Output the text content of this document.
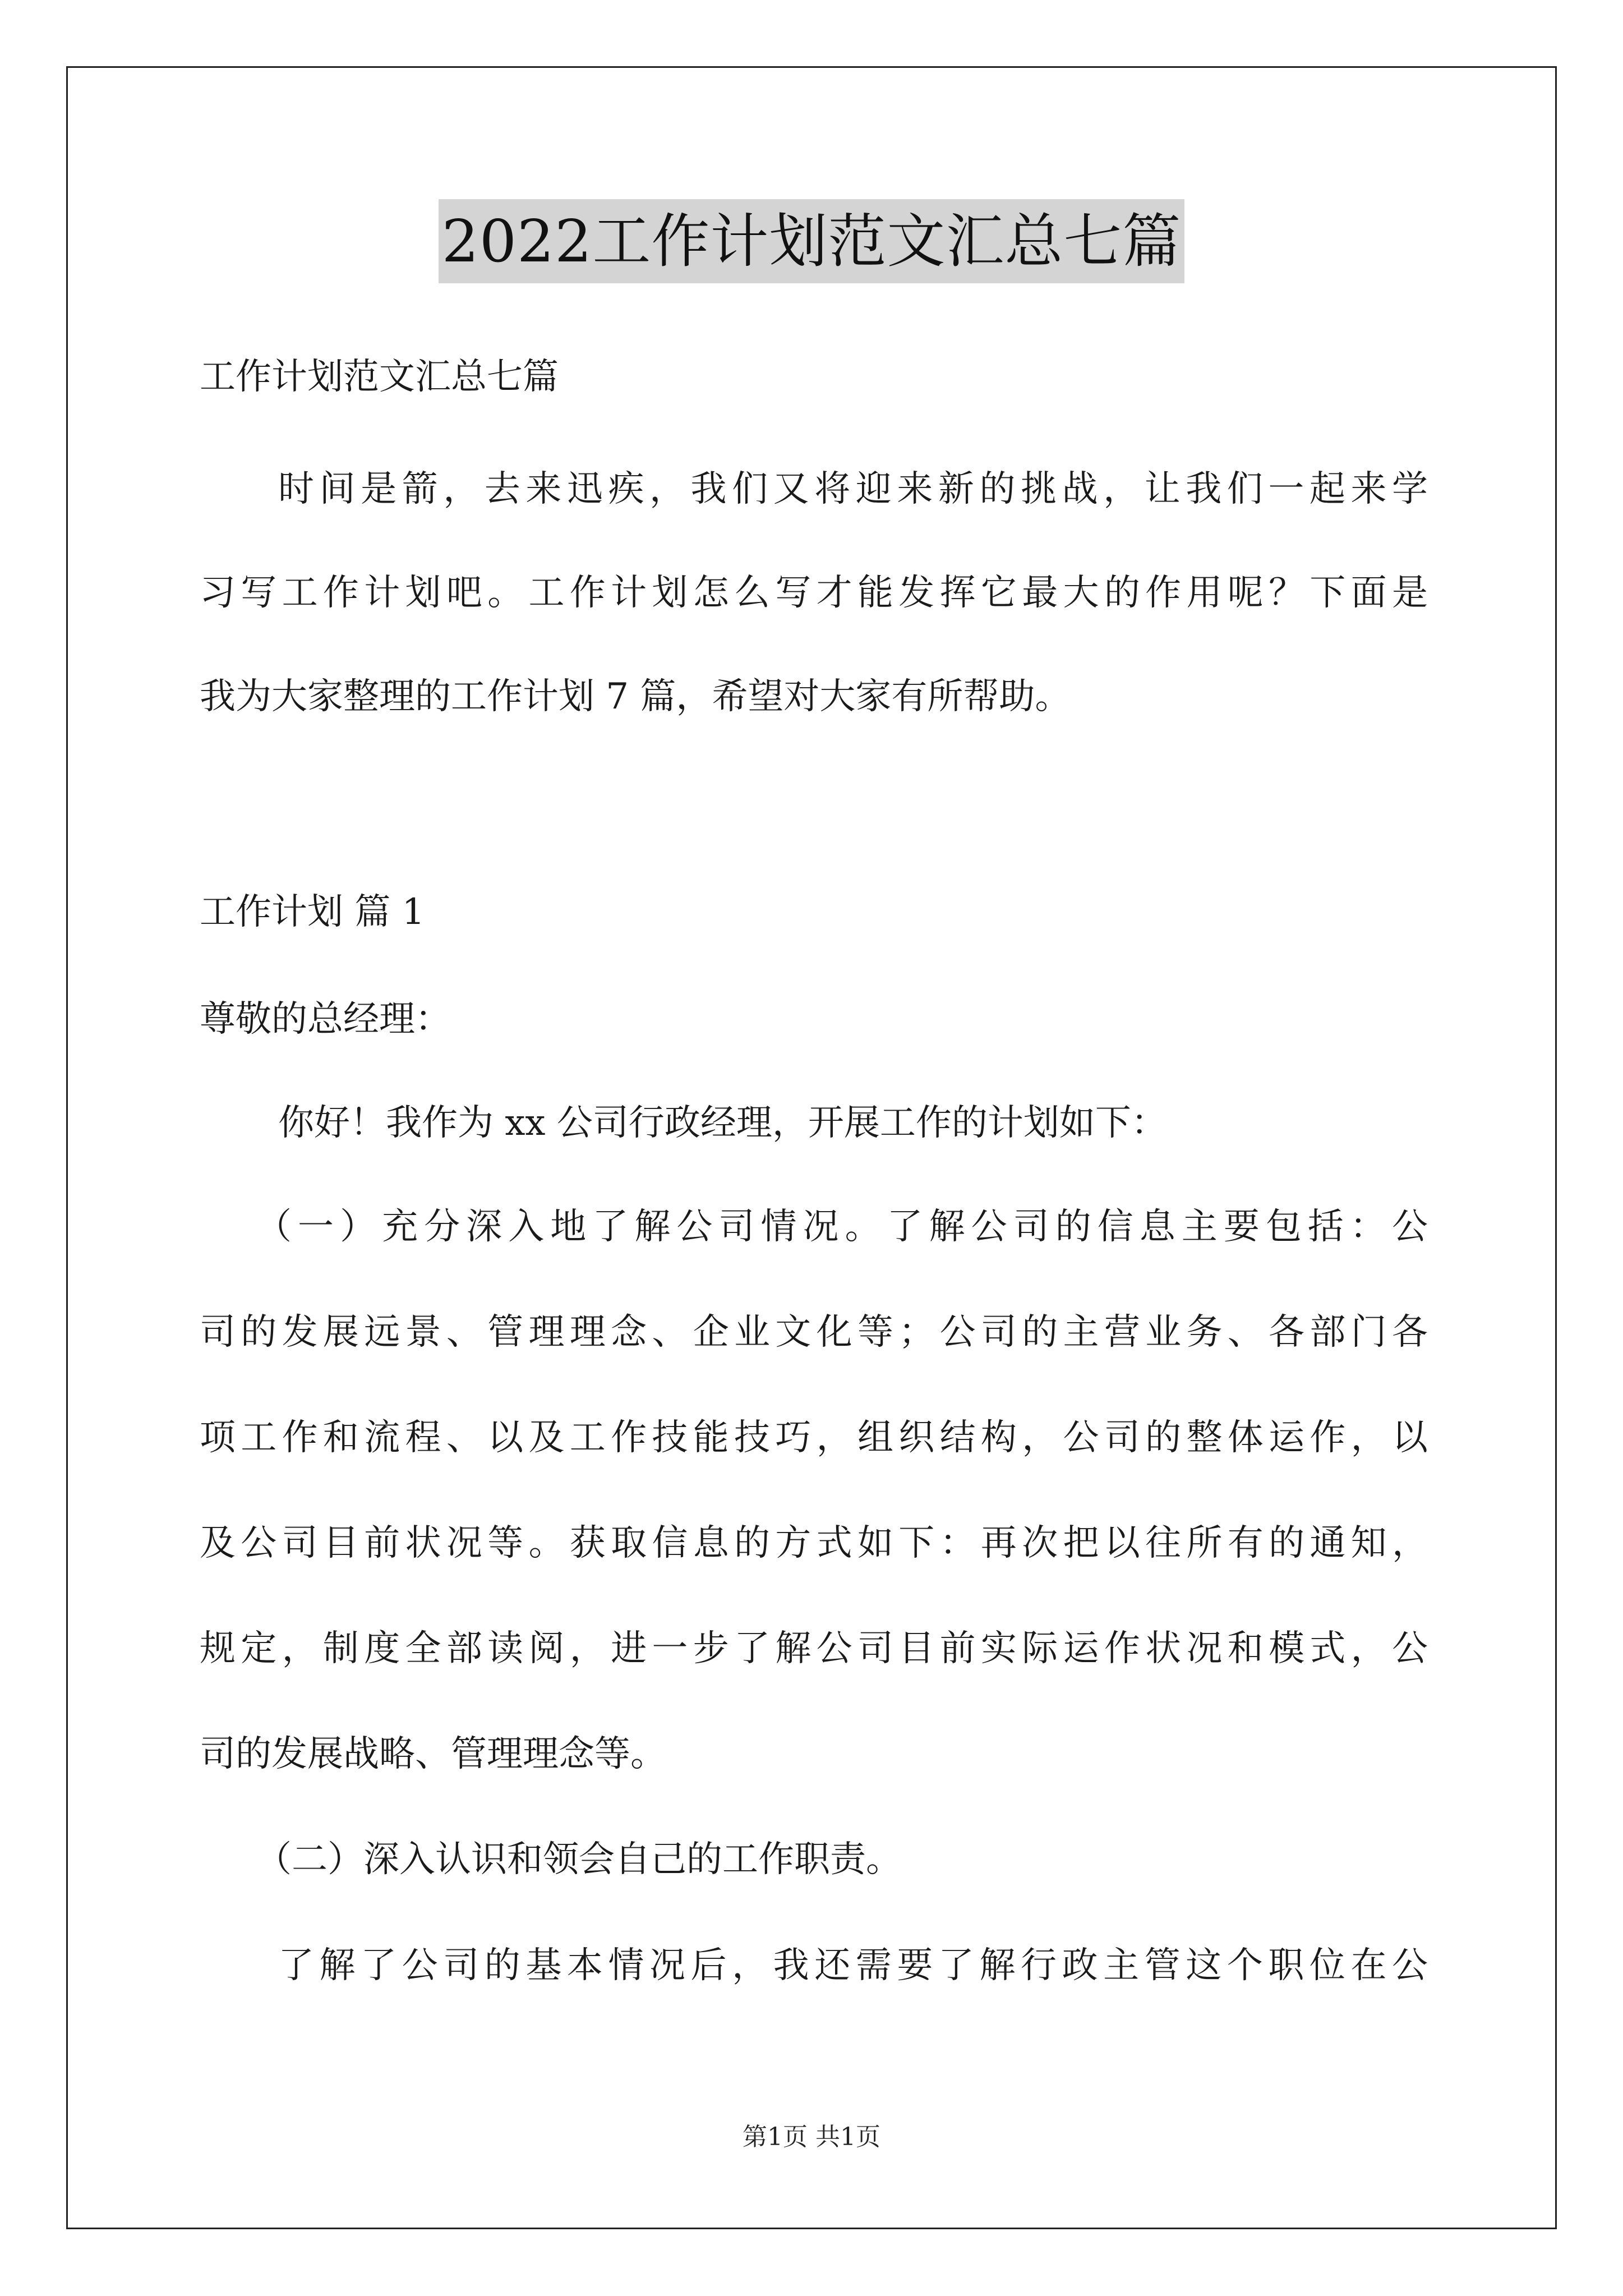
2022工作计划范文汇总七篇
工作计划范文汇总七篇
时间是箭，去来迅疾，我们又将迎来新的挑战，让我们一起来学
习写工作计划吧。工作计划怎么写才能发挥它最大的作用呢？下面是
我为大家整理的工作计划 7 篇，希望对大家有所帮助。
工作计划 篇 1
尊敬的总经理：
你好！我作为 xx 公司行政经理，开展工作的计划如下：
（一）充分深入地了解公司情况。了解公司的信息主要包括：公
司的发展远景、管理理念、企业文化等；公司的主营业务、各部门各
项工作和流程、以及工作技能技巧，组织结构，公司的整体运作，以
及公司目前状况等。获取信息的方式如下：再次把以往所有的通知，
规定，制度全部读阅，进一步了解公司目前实际运作状况和模式，公
司的发展战略、管理理念等。
（二）深入认识和领会自己的工作职责。
了解了公司的基本情况后，我还需要了解行政主管这个职位在公
第1页 共1页
